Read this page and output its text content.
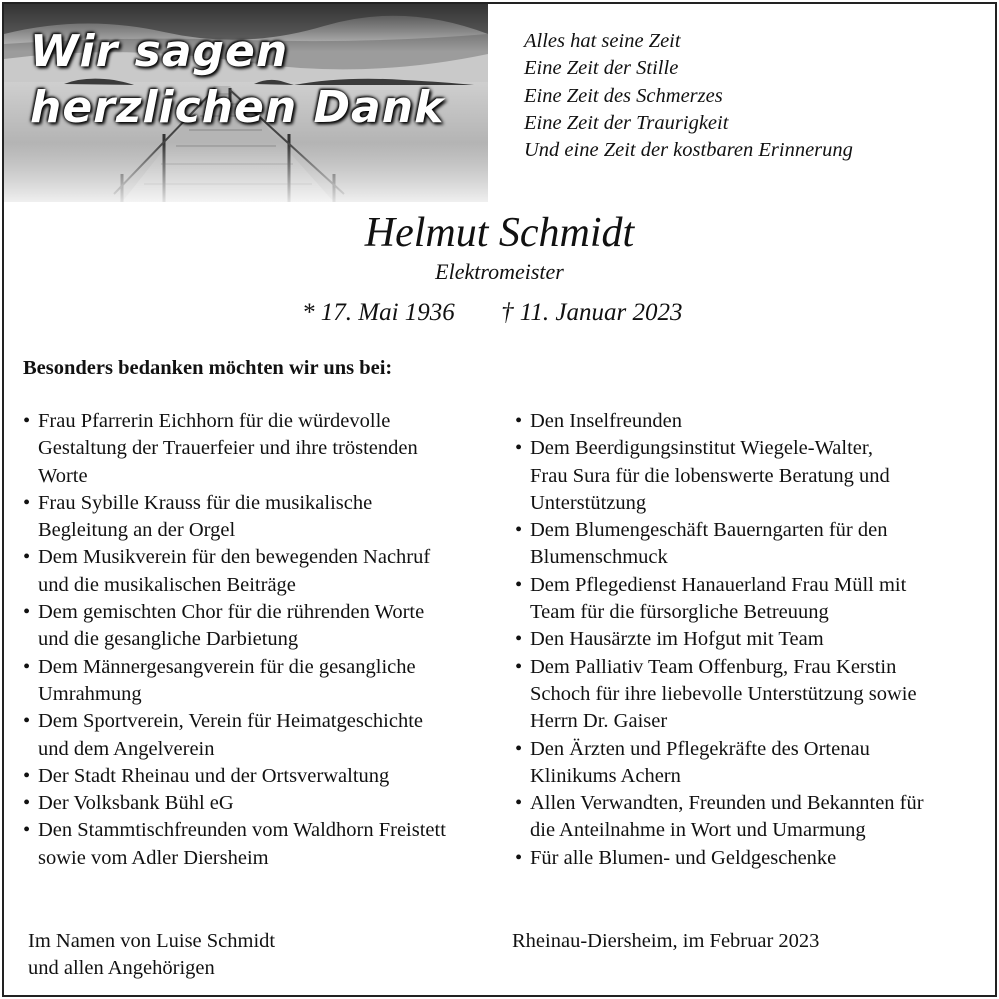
Wir sagen
herzlichen Dank
Alles hat seine Zeit
Eine Zeit der Stille
Eine Zeit des Schmerzes
Eine Zeit der Traurigkeit
Und eine Zeit der kostbaren Erinnerung
Helmut Schmidt
Elektromeister
* 17. Mai 1936 † 11. Januar 2023
Besonders bedanken möchten wir uns bei:
• Frau Pfarrerin Eichhorn für die würdevolle
Gestaltung der Trauerfeier und ihre tröstenden
Worte
• Frau Sybille Krauss für die musikalische
Begleitung an der Orgel
• Dem Musikverein für den bewegenden Nachruf
und die musikalischen Beiträge
• Dem gemischten Chor für die rührenden Worte
und die gesangliche Darbietung
• Dem Männergesangverein für die gesangliche
Umrahmung
• Dem Sportverein, Verein für Heimatgeschichte
und dem Angelverein
• Der Stadt Rheinau und der Ortsverwaltung
• Der Volksbank Bühl eG
• Den Stammtischfreunden vom Waldhorn Freistett
sowie vom Adler Diersheim
• Den Inselfreunden
• Dem Beerdigungsinstitut Wiegele-Walter,
Frau Sura für die lobenswerte Beratung und
Unterstützung
• Dem Blumengeschäft Bauerngarten für den
Blumenschmuck
• Dem Pflegedienst Hanauerland Frau Müll mit
Team für die fürsorgliche Betreuung
• Den Hausärzte im Hofgut mit Team
• Dem Palliativ Team Offenburg, Frau Kerstin
Schoch für ihre liebevolle Unterstützung sowie
Herrn Dr. Gaiser
• Den Ärzten und Pflegekräfte des Ortenau
Klinikums Achern
• Allen Verwandten, Freunden und Bekannten für
die Anteilnahme in Wort und Umarmung
• Für alle Blumen- und Geldgeschenke
Im Namen von Luise Schmidt
und allen Angehörigen
Rheinau-Diersheim, im Februar 2023
